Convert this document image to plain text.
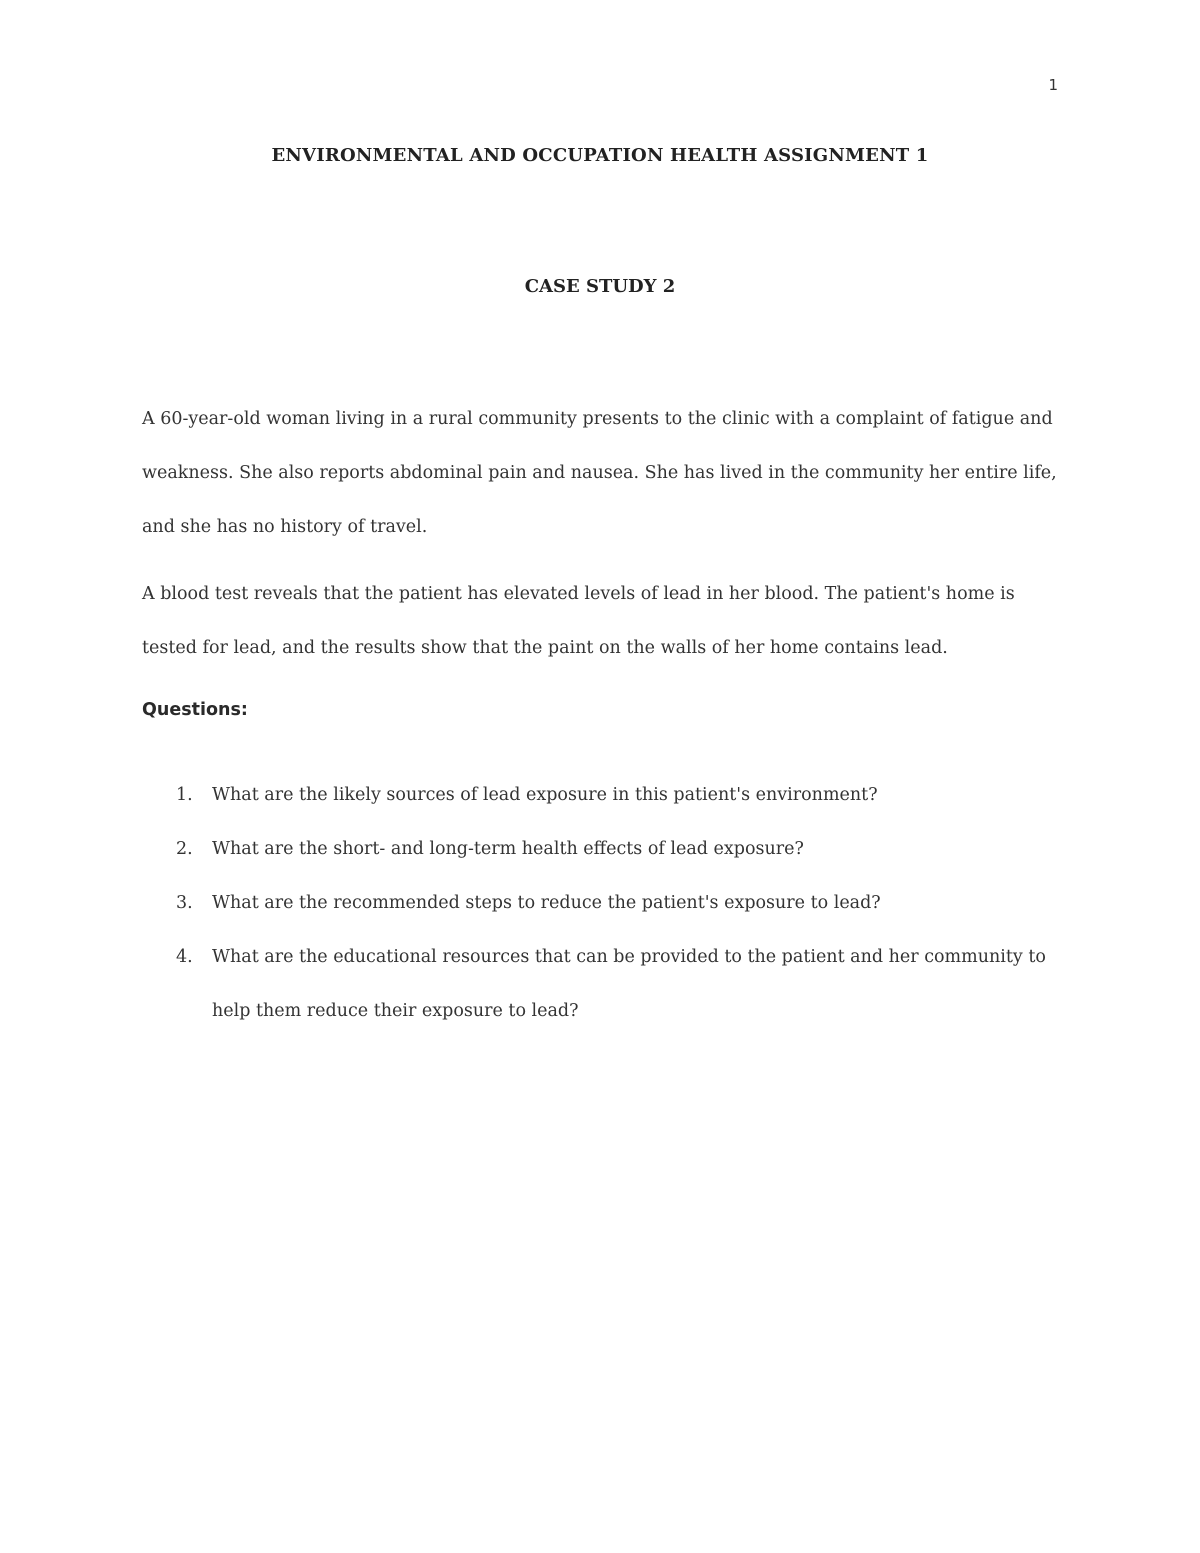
1
ENVIRONMENTAL AND OCCUPATION HEALTH ASSIGNMENT 1
CASE STUDY 2
A 60-year-old woman living in a rural community presents to the clinic with a complaint of fatigue and weakness. She also reports abdominal pain and nausea. She has lived in the community her entire life, and she has no history of travel.
A blood test reveals that the patient has elevated levels of lead in her blood. The patient's home is tested for lead, and the results show that the paint on the walls of her home contains lead.
Questions:
1.	What are the likely sources of lead exposure in this patient's environment?
2.	What are the short- and long-term health effects of lead exposure?
3.	What are the recommended steps to reduce the patient's exposure to lead?
4.	What are the educational resources that can be provided to the patient and her community to help them reduce their exposure to lead?
